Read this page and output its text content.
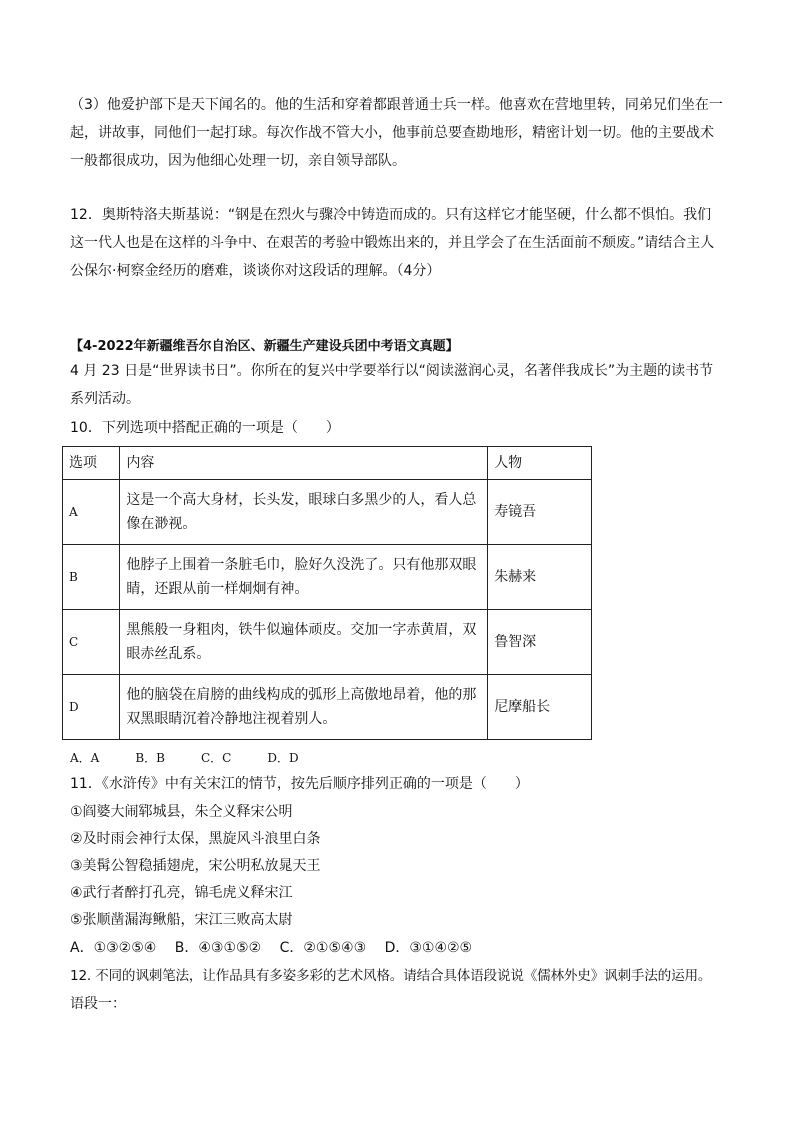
（3）他爱护部下是天下闻名的。他的生活和穿着都跟普通士兵一样。他喜欢在营地里转，同弟兄们坐在一
起，讲故事，同他们一起打球。每次作战不管大小，他事前总要查勘地形，精密计划一切。他的主要战术
一般都很成功，因为他细心处理一切，亲自领导部队。
12．奥斯特洛夫斯基说：“钢是在烈火与骤冷中铸造而成的。只有这样它才能坚硬，什么都不惧怕。我们
这一代人也是在这样的斗争中、在艰苦的考验中锻炼出来的，并且学会了在生活面前不颓废。”请结合主人
公保尔·柯察金经历的磨难，谈谈你对这段话的理解。（4分）
【4-2022年新疆维吾尔自治区、新疆生产建设兵团中考语文真题】
4 月 23 日是“世界读书日”。你所在的复兴中学要举行以“阅读滋润心灵，名著伴我成长”为主题的读书节
系列活动。
10．下列选项中搭配正确的一项是（　　）
选项	内容	人物
A	这是一个高大身材，长头发，眼球白多黑少的人，看人总
像在渺视。	寿镜吾
B	他脖子上围着一条脏毛巾，脸好久没洗了。只有他那双眼
睛，还跟从前一样炯炯有神。	朱赫来
C	黑熊般一身粗肉，铁牛似遍体顽皮。交加一字赤黄眉，双
眼赤丝乱系。	鲁智深
D	他的脑袋在肩膀的曲线构成的弧形上高傲地昂着，他的那
双黑眼睛沉着冷静地注视着别人。	尼摩船长
A．A　　　B．B　　　C．C　　　D．D
11．《水浒传》中有关宋江的情节，按先后顺序排列正确的一项是（　　）
①阎婆大闹郓城县，朱仝义释宋公明
②及时雨会神行太保，黑旋风斗浪里白条
③美髯公智稳插翅虎，宋公明私放晁天王
④武行者醉打孔亮，锦毛虎义释宋江
⑤张顺凿漏海鳅船，宋江三败高太尉
A．①③②⑤④　 B．④③①⑤②　 C．②①⑤④③　 D．③①④②⑤
12. 不同的讽刺笔法，让作品具有多姿多彩的艺术风格。请结合具体语段说说《儒林外史》讽刺手法的运用。
语段一：
